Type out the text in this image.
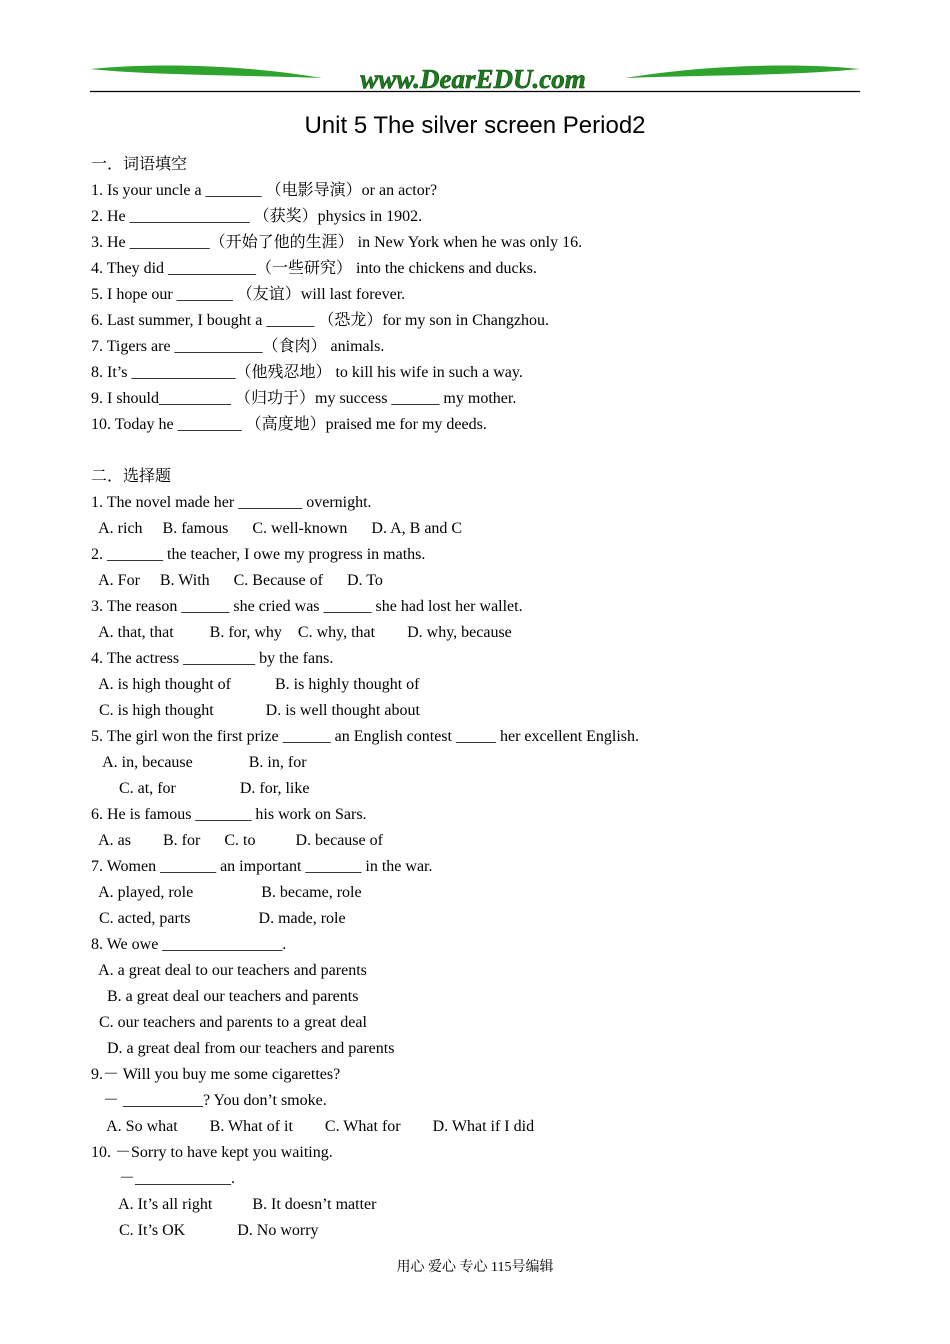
www.DearEDU.com
Unit 5 The silver screen Period2
一．词语填空
1. Is your uncle a _______ （电影导演）or an actor?
2. He _______________ （获奖）physics in 1902.
3. He __________（开始了他的生涯） in New York when he was only 16.
4. They did ___________（一些研究） into the chickens and ducks.
5. I hope our _______ （友谊）will last forever.
6. Last summer, I bought a ______ （恐龙）for my son in Changzhou.
7. Tigers are ___________（食肉） animals.
8. It’s _____________（他残忍地） to kill his wife in such a way.
9. I should_________ （归功于）my success ______ my mother.
10. Today he ________ （高度地）praised me for my deeds.
二．选择题
1. The novel made her ________ overnight.
A. rich     B. famous      C. well-known      D. A, B and C
2. _______ the teacher, I owe my progress in maths.
A. For     B. With      C. Because of      D. To
3. The reason ______ she cried was ______ she had lost her wallet.
A. that, that         B. for, why    C. why, that        D. why, because
4. The actress _________ by the fans.
A. is high thought of           B. is highly thought of
C. is high thought             D. is well thought about
5. The girl won the first prize ______ an English contest _____ her excellent English.
A. in, because              B. in, for
C. at, for                D. for, like
6. He is famous _______ his work on Sars.
A. as        B. for      C. to          D. because of
7. Women _______ an important _______ in the war.
A. played, role                 B. became, role
C. acted, parts                 D. made, role
8. We owe _______________.
A. a great deal to our teachers and parents
B. a great deal our teachers and parents
C. our teachers and parents to a great deal
D. a great deal from our teachers and parents
9.－ Will you buy me some cigarettes?
－ __________? You don’t smoke.
A. So what        B. What of it        C. What for        D. What if I did
10. －Sorry to have kept you waiting.
－____________.
A. It’s all right          B. It doesn’t matter
C. It’s OK             D. No worry
用心 爱心 专心 115号编辑
